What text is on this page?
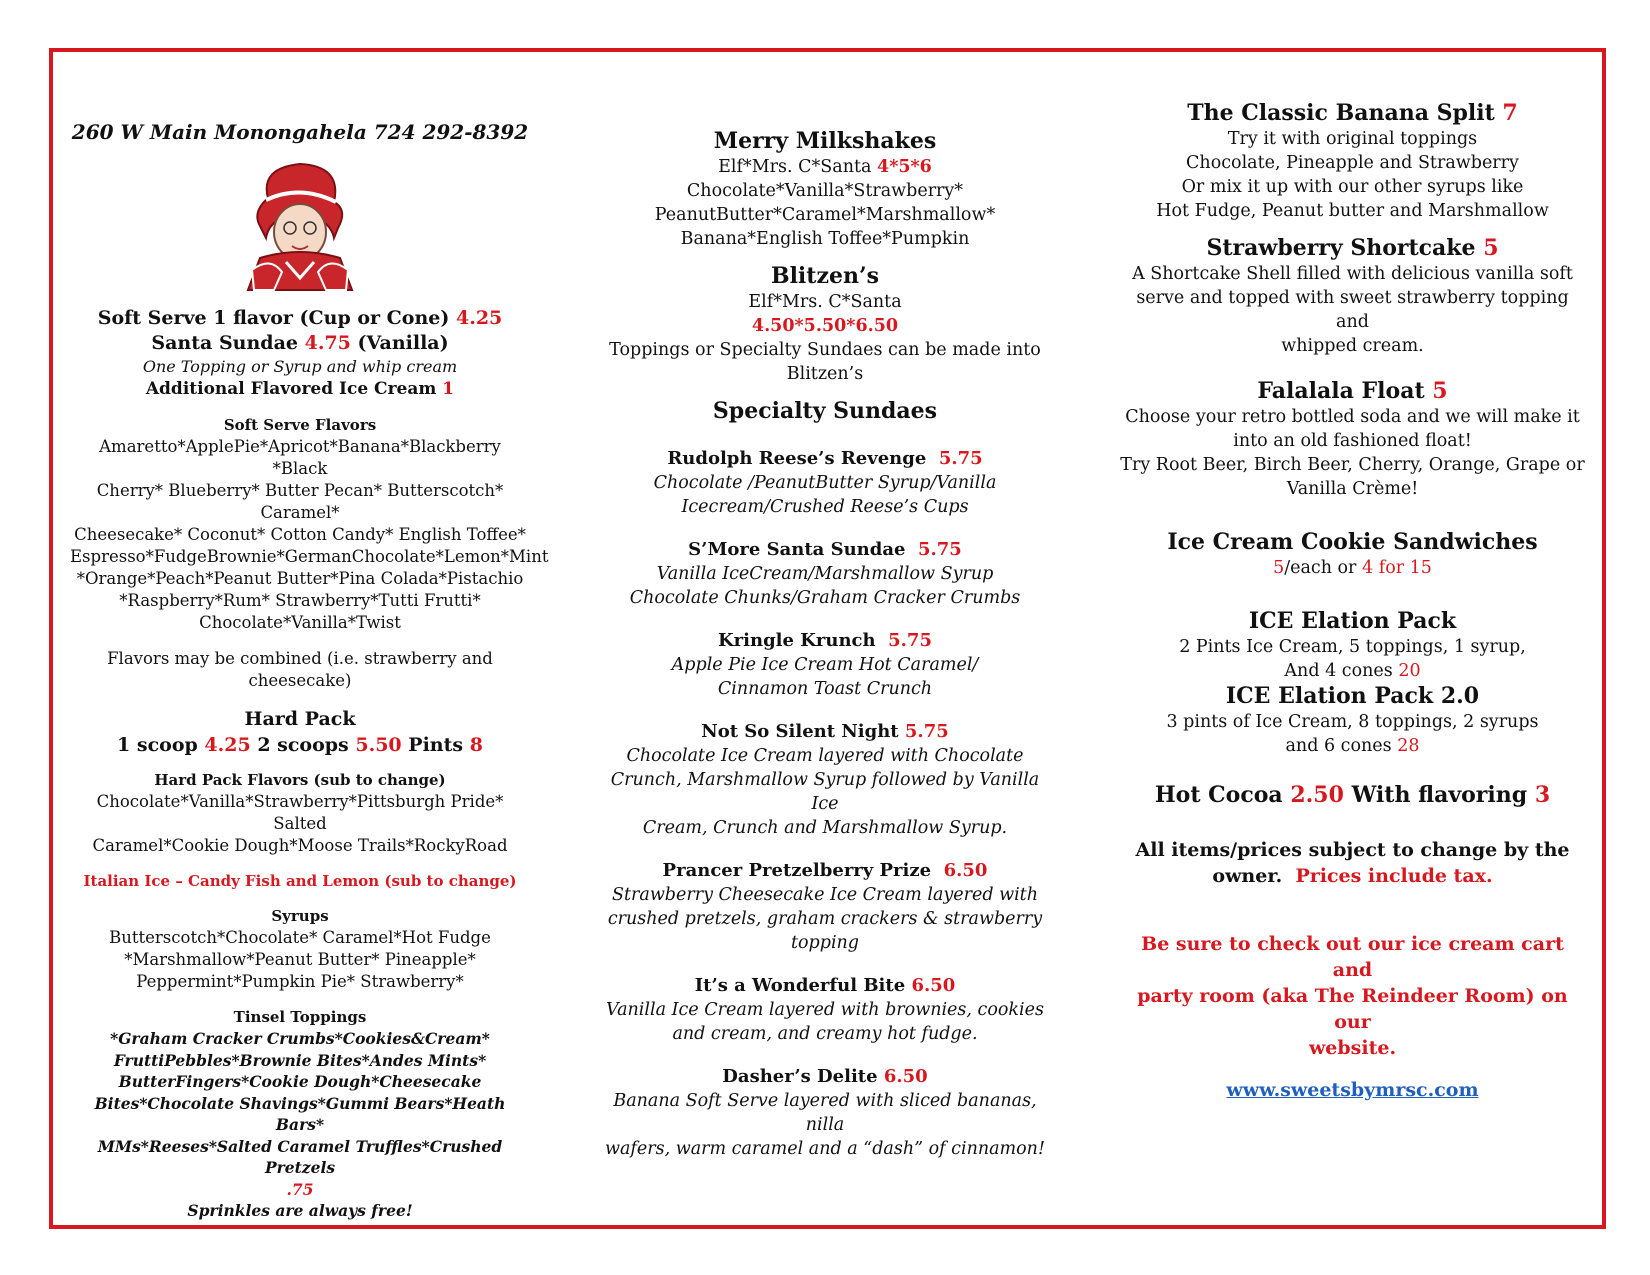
260 W Main Monongahela 724 292-8392
Soft Serve 1 flavor (Cup or Cone) 4.25
Santa Sundae 4.75 (Vanilla)
One Topping or Syrup and whip cream
Additional Flavored Ice Cream 1
Soft Serve Flavors
Amaretto*ApplePie*Apricot*Banana*Blackberry *Black
Cherry* Blueberry* Butter Pecan* Butterscotch* Caramel*
Cheesecake* Coconut* Cotton Candy* English Toffee*
Espresso*FudgeBrownie*GermanChocolate*Lemon*Mint
*Orange*Peach*Peanut Butter*Pina Colada*Pistachio
*Raspberry*Rum* Strawberry*Tutti Frutti*
Chocolate*Vanilla*Twist
Flavors may be combined (i.e. strawberry and cheesecake)
Hard Pack
1 scoop 4.25 2 scoops 5.50 Pints 8
Hard Pack Flavors (sub to change)
Chocolate*Vanilla*Strawberry*Pittsburgh Pride* Salted
Caramel*Cookie Dough*Moose Trails*RockyRoad
Italian Ice – Candy Fish and Lemon (sub to change)
Syrups
Butterscotch*Chocolate* Caramel*Hot Fudge
*Marshmallow*Peanut Butter* Pineapple*
Peppermint*Pumpkin Pie* Strawberry*
Tinsel Toppings
*Graham Cracker Crumbs*Cookies&Cream*
FruttiPebbles*Brownie Bites*Andes Mints*
ButterFingers*Cookie Dough*Cheesecake
Bites*Chocolate Shavings*Gummi Bears*Heath Bars*
MMs*Reeses*Salted Caramel Truffles*Crushed Pretzels
.75
Sprinkles are always free!
Merry Milkshakes
Elf*Mrs. C*Santa 4*5*6
Chocolate*Vanilla*Strawberry*
PeanutButter*Caramel*Marshmallow*
Banana*English Toffee*Pumpkin
Blitzen’s
Elf*Mrs. C*Santa
4.50*5.50*6.50
Toppings or Specialty Sundaes can be made into
Blitzen’s
Specialty Sundaes
Rudolph Reese’s Revenge 5.75
Chocolate /PeanutButter Syrup/Vanilla
Icecream/Crushed Reese’s Cups
S’More Santa Sundae 5.75
Vanilla IceCream/Marshmallow Syrup
Chocolate Chunks/Graham Cracker Crumbs
Kringle Krunch 5.75
Apple Pie Ice Cream Hot Caramel/
Cinnamon Toast Crunch
Not So Silent Night 5.75
Chocolate Ice Cream layered with Chocolate
Crunch, Marshmallow Syrup followed by Vanilla Ice
Cream, Crunch and Marshmallow Syrup.
Prancer Pretzelberry Prize 6.50
Strawberry Cheesecake Ice Cream layered with
crushed pretzels, graham crackers & strawberry
topping
It’s a Wonderful Bite 6.50
Vanilla Ice Cream layered with brownies, cookies
and cream, and creamy hot fudge.
Dasher’s Delite 6.50
Banana Soft Serve layered with sliced bananas, nilla
wafers, warm caramel and a “dash” of cinnamon!
The Classic Banana Split 7
Try it with original toppings
Chocolate, Pineapple and Strawberry
Or mix it up with our other syrups like
Hot Fudge, Peanut butter and Marshmallow
Strawberry Shortcake 5
A Shortcake Shell filled with delicious vanilla soft
serve and topped with sweet strawberry topping and
whipped cream.
Falalala Float 5
Choose your retro bottled soda and we will make it
into an old fashioned float!
Try Root Beer, Birch Beer, Cherry, Orange, Grape or
Vanilla Crème!
Ice Cream Cookie Sandwiches
5/each or 4 for 15
ICE Elation Pack
2 Pints Ice Cream, 5 toppings, 1 syrup,
And 4 cones 20
ICE Elation Pack 2.0
3 pints of Ice Cream, 8 toppings, 2 syrups
and 6 cones 28
Hot Cocoa 2.50 With flavoring 3
All items/prices subject to change by the
owner. Prices include tax.
Be sure to check out our ice cream cart and
party room (aka The Reindeer Room) on our
website.
www.sweetsbymrsc.com
